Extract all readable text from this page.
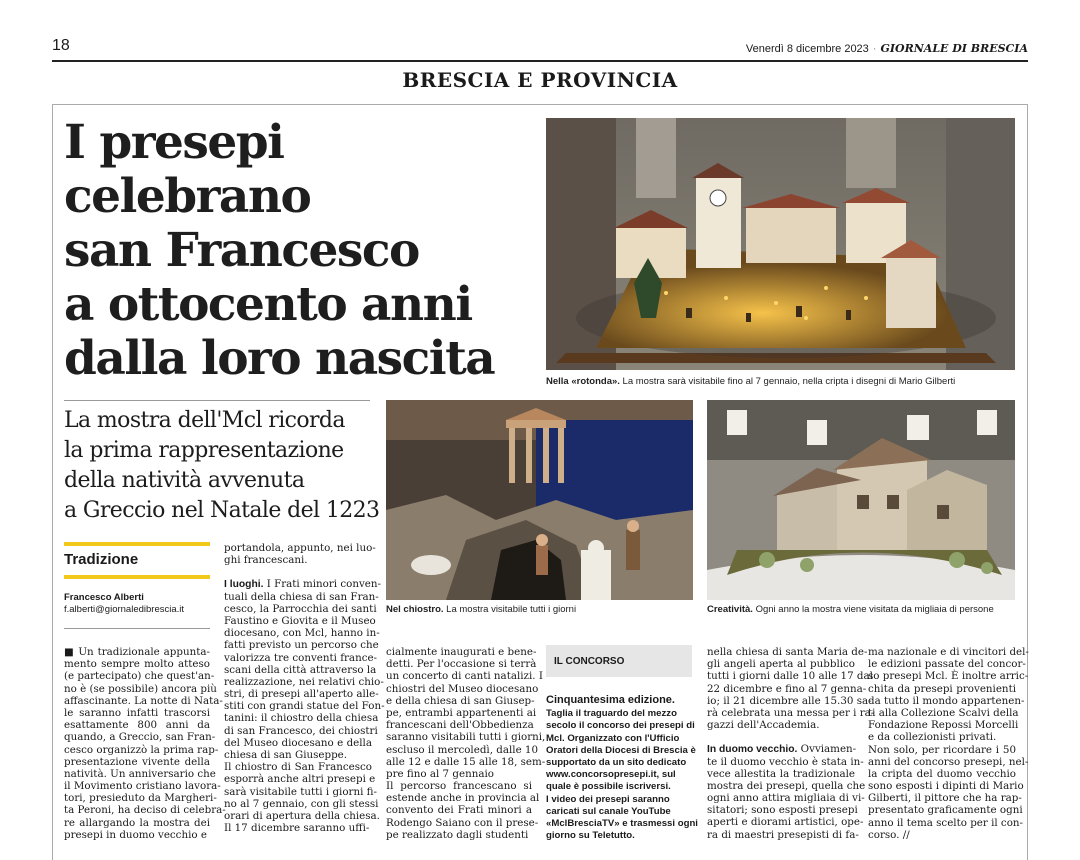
18	Venerdì 8 dicembre 2023 · GIORNALE DI BRESCIA
BRESCIA E PROVINCIA
I presepi celebrano
san Francesco
a ottocento anni
dalla loro nascita	Nella «rotonda». La mostra sarà visitabile fino al 7 gennaio, nella cripta i disegni di Mario Gilberti
La mostra dell'Mcl ricorda
la prima rappresentazione
della natività avvenuta
a Greccio nel Natale del 1223
Nel chiostro. La mostra visitabile tutti i giorni	Creatività. Ogni anno la mostra viene visitata da migliaia di persone
Tradizione
Francesco Alberti
f.alberti@giornaledibrescia.it
■ Un tradizionale appunta-
mento sempre molto atteso
(e partecipato) che quest'an-
no è (se possibile) ancora più
affascinante. La notte di Nata-
le saranno infatti trascorsi
esattamente 800 anni da
quando, a Greccio, san Fran-
cesco organizzò la prima rap-
presentazione vivente della
natività. Un anniversario che
il Movimento cristiano lavora-
tori, presieduto da Margheri-
ta Peroni, ha deciso di celebra-
re allargando la mostra dei
presepi in duomo vecchio e
portandola, appunto, nei luo-
ghi francescani.
I luoghi. I Frati minori conven-
tuali della chiesa di san Fran-
cesco, la Parrocchia dei santi
Faustino e Giovita e il Museo
diocesano, con Mcl, hanno in-
fatti previsto un percorso che
valorizza tre conventi france-
scani della città attraverso la
realizzazione, nei relativi chio-
stri, di presepi all'aperto alle-
stiti con grandi statue del Fon-
tanini: il chiostro della chiesa
di san Francesco, dei chiostri
del Museo diocesano e della
chiesa di san Giuseppe.
Il chiostro di San Francesco
esporrà anche altri presepi e
sarà visitabile tutti i giorni fi-
no al 7 gennaio, con gli stessi
orari di apertura della chiesa.
Il 17 dicembre saranno uffi-
cialmente inaugurati e bene-
detti. Per l'occasione si terrà
un concerto di canti natalizi. I
chiostri del Museo diocesano
e della chiesa di san Giusep-
pe, entrambi appartenenti ai
francescani dell'Obbedienza
saranno visitabili tutti i giorni,
escluso il mercoledì, dalle 10
alle 12 e dalle 15 alle 18, sem-
pre fino al 7 gennaio
Il percorso francescano si
estende anche in provincia al
convento dei Frati minori a
Rodengo Saiano con il prese-
pe realizzato dagli studenti
IL CONCORSO
Cinquantesima edizione.
Taglia il traguardo del mezzo
secolo il concorso dei presepi di
Mcl. Organizzato con l'Ufficio
Oratori della Diocesi di Brescia è
supportato da un sito dedicato
www.concorsopresepi.it, sul
quale è possibile iscriversi.
I video dei presepi saranno
caricati sul canale YouTube
«MclBresciaTV» e trasmessi ogni
giorno su Teletutto.
nella chiesa di santa Maria de-
gli angeli aperta al pubblico
tutti i giorni dalle 10 alle 17 dal
22 dicembre e fino al 7 genna-
io; il 21 dicembre alle 15.30 sa-
rà celebrata una messa per i ra-
gazzi dell'Accademia.
In duomo vecchio. Ovviamen-
te il duomo vecchio è stata in-
vece allestita la tradizionale
mostra dei presepi, quella che
ogni anno attira migliaia di vi-
sitatori; sono esposti presepi
aperti e diorami artistici, ope-
ra di maestri presepisti di fa-
ma nazionale e di vincitori del-
le edizioni passate del concor-
so presepi Mcl. È inoltre arric-
chita da presepi provenienti
da tutto il mondo appartenen-
ti alla Collezione Scalvi della
Fondazione Repossi Morcelli
e da collezionisti privati.
Non solo, per ricordare i 50
anni del concorso presepi, nel-
la cripta del duomo vecchio
sono esposti i dipinti di Mario
Gilberti, il pittore che ha rap-
presentato graficamente ogni
anno il tema scelto per il con-
corso. //
